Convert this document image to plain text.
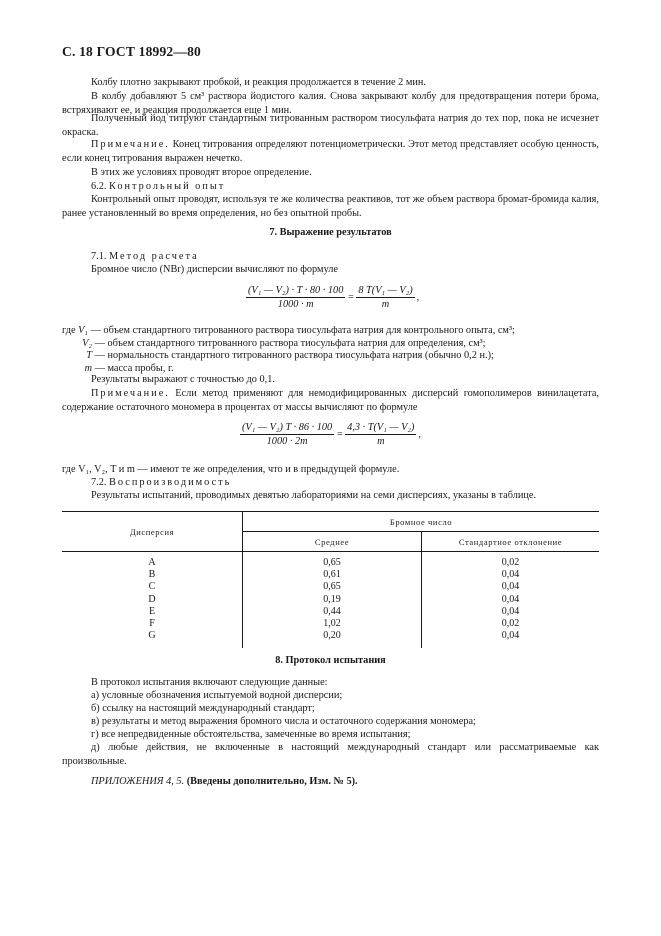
С. 18 ГОСТ 18992—80
Колбу плотно закрывают пробкой, и реакция продолжается в течение 2 мин.
В колбу добавляют 5 см³ раствора йодистого калия. Снова закрывают колбу для предотвращения потери брома, встряхивают ее, и реакция продолжается еще 1 мин.
Полученный йод титруют стандартным титрованным раствором тиосульфата натрия до тех пор, пока не исчезнет окраска.
Примечание. Конец титрования определяют потенциометрически. Этот метод представляет особую ценность, если конец титрования выражен нечетко.
В этих же условиях проводят второе определение.
6.2. Контрольный опыт
Контрольный опыт проводят, используя те же количества реактивов, тот же объем раствора бромат-бромида калия, ранее установленный во время определения, но без опытной пробы.
7. Выражение результатов
7.1. Метод расчета
Бромное число (NBr) дисперсии вычисляют по формуле
$\frac{\text{(V₁ — V₂) · T · 80 · 100}}{1000 \cdot m} = \frac{\text{8 T(V₁ — V₂)}}{m}$ ,
где V₁ — объем стандартного титрованного раствора тиосульфата натрия для контрольного опыта, см³;
V₂ — объем стандартного титрованного раствора тиосульфата натрия для определения, см³;
T — нормальность стандартного титрованного раствора тиосульфата натрия (обычно 0,2 н.);
m — масса пробы, г.
Результаты выражают с точностью до 0,1.
Примечание. Если метод применяют для немодифицированных дисперсий гомополимеров винилацетата, содержание остаточного мономера в процентах от массы вычисляют по формуле
$\frac{\text{(V₁ — V₂) T · 86 · 100}}{1000 \cdot 2m} = \frac{\text{4,3 · T(V₁ — V₂)}}{m}$ ,
где V₁, V₂, T и m — имеют те же определения, что и в предыдущей формуле.
7.2. Воспроизводимость
Результаты испытаний, проводимых девятью лабораториями на семи дисперсиях, указаны в таблице.
Дисперсия	Бромное число	
	Среднее	Стандартное отклонение

A	0,65	0,02
B	0,61	0,04
C	0,65	0,04
D	0,19	0,04
E	0,44	0,04
F	1,02	0,02
G	0,20	0,04

8. Протокол испытания
В протокол испытания включают следующие данные:
а) условные обозначения испытуемой водной дисперсии;
б) ссылку на настоящий международный стандарт;
в) результаты и метод выражения бромного числа и остаточного содержания мономера;
г) все непредвиденные обстоятельства, замеченные во время испытания;
д) любые действия, не включенные в настоящий международный стандарт или рассматриваемые как произвольные.
ПРИЛОЖЕНИЯ 4, 5. (Введены дополнительно, Изм. № 5).
